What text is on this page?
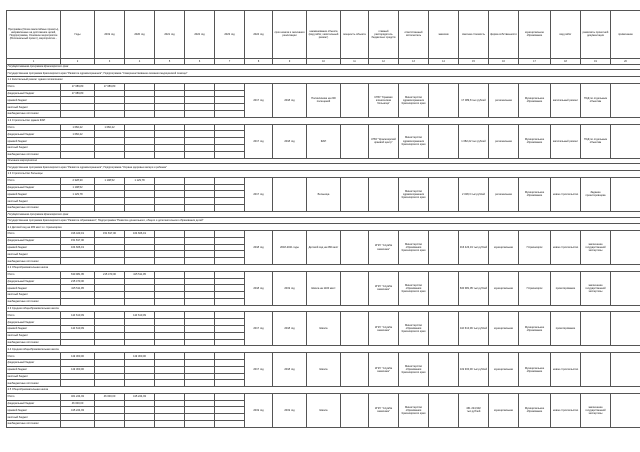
Программа (более масштабные проекты), направленные на достижение целей, Подпрограмма, Основное мероприятие (Региональный проект), мероприятие...	Годы	2019 год	2020 год	2021 год	2022 год	2023 год	2024 год	срок начала и окончания реализации	наименование объекта (вид работ, капитальный ремонт)	мощность объекта	главный распорядитель бюджетных средств	ответственный исполнитель	заказчик	сметная стоимость	форма собственности	муниципальное образование	вид работ	реквизиты проектной документации	примечание
1	2	3	4	5	6	7	8	9	10	11	12	13	14	15	16	17	18	19	20
Государственная программа Красноярского края																			
Государственная программа Красноярского края "Развитие здравоохранения"; Подпрограмма "Совершенствование оказания медицинской помощи"																			
1.1 Капитальный ремонт здания поликлиники																			
Итого	17 089,80	17 089,80					2017 год	2018 год	Поликлиника на 200 посещений		КГБУ "Краевая клиническая больница"	Министерство здравоохранения Красноярского края		17 089,8 тыс.рублей	региональная	Муниципальное образование	капитальный ремонт	ПСД по отдельным объектам	
федеральный бюджет	17 089,80																		
краевой бюджет																			
местный бюджет																			
внебюджетные источники																			
1.2 Строительство здания ФАП																			
Итого	1 082,22	1 082,22					2017 год	2018 год	ФАП		КГБУ "Красноярский краевой центр"	Министерство здравоохранения Красноярского края		1 082,22 тыс.рублей	региональная	Муниципальное образование	капитальный ремонт	ПСД по отдельным объектам	
федеральный бюджет	1 082,22																		
краевой бюджет																			
местный бюджет																			
внебюджетные источники																			
Основное мероприятие																			
Государственная программа Красноярского края "Развитие здравоохранения"; Подпрограмма "Охрана здоровья матери и ребенка"																			
1.3 Строительство больницы																			
Итого	2 328,30	1 198,52	1 129,78				2017 год		Больница			Министерство здравоохранения Красноярского края		2 328,3 тыс.рублей	региональная	Муниципальное образование	новое строительство	Задание проектировщика	
федеральный бюджет	1 198,52																		
краевой бюджет	1 129,78																		
местный бюджет																			
внебюджетные источники																			
Государственная программа Красноярского края																			
Государственная программа Красноярского края "Развитие образования"; Подпрограмма "Развитие дошкольного, общего и дополнительного образования детей"																			
2.1 Детский сад на 280 мест в г. Красноярске																			
Итого	316 423,19	151 817,00	164 606,19				2018 год	2018-2021 годы	Детский сад на 280 мест		КГКУ "Служба заказчика"	Министерство образования Красноярского края		316 423,19 тыс.рублей	муниципальная	Г.Красноярск	новое строительство	заключение государственной экспертизы	
федеральный бюджет	151 817,00																		
краевой бюджет	164 606,19																		
местный бюджет																			
внебюджетные источники																			
2.2 Общеобразовательная школа																			
Итого	630 981,95	215 470,00	415 511,95				2018 год	2019 год	Школа на 1100 мест		КГКУ "Служба заказчика"	Министерство образования Красноярского края		630 981,95 тыс.рублей	муниципальная	Г.Красноярск	проектирование	заключение государственной экспертизы	
федеральный бюджет	215 470,00																		
краевой бюджет	415 511,95																		
местный бюджет																			
внебюджетные источники																			
2.3 Средняя общеобразовательная школа																			
Итого	110 610,09		110 610,09				2017 год	2018 год	Школа		КГКУ "Служба заказчика"	Министерство образования Красноярского края		110 610,09 тыс.рублей	муниципальная	Муниципальное образование	проектирование		
федеральный бюджет																			
краевой бюджет	110 610,09																		
местный бюджет																			
внебюджетные источники																			
2.4 Средняя общеобразовательная школа																			
Итого	119 300,00		119 300,00				2017 год	2018 год	Школа		КГКУ "Служба заказчика"	Министерство образования Красноярского края		119 300,00 тыс.рублей	муниципальная	Муниципальное образование	новое строительство		
федеральный бюджет																			
краевой бюджет	119 300,00																		
местный бюджет																			
внебюджетные источники																			
2.5 Общеобразовательная школа																			
Итого	461 224,93	46 000,00	415 224,93				2019 год	2019 год	Школа		КГКУ "Служба заказчика"	Министерство образования Красноярского края		461 224,932 тыс.рублей	муниципальная	Муниципальное образование	новое строительство	заключение государственной экспертизы	
федеральный бюджет	46 000,00																		
краевой бюджет	415 224,93																		
местный бюджет																			
внебюджетные источники																			
